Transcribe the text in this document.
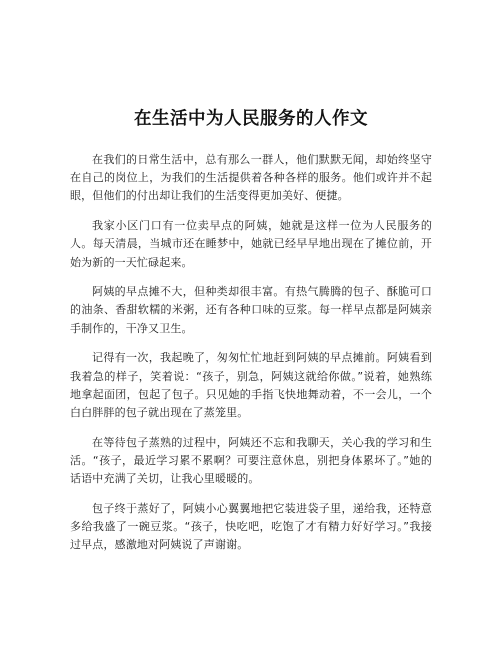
在生活中为人民服务的人作文

在我们的日常生活中，总有那么一群人，他们默默无闻，却始终坚守在自己的岗位上，为我们的生活提供着各种各样的服务。他们或许并不起眼，但他们的付出却让我们的生活变得更加美好、便捷。

我家小区门口有一位卖早点的阿姨，她就是这样一位为人民服务的人。每天清晨，当城市还在睡梦中，她就已经早早地出现在了摊位前，开始为新的一天忙碌起来。

阿姨的早点摊不大，但种类却很丰富。有热气腾腾的包子、酥脆可口的油条、香甜软糯的米粥，还有各种口味的豆浆。每一样早点都是阿姨亲手制作的，干净又卫生。

记得有一次，我起晚了，匆匆忙忙地赶到阿姨的早点摊前。阿姨看到我着急的样子，笑着说：“孩子，别急，阿姨这就给你做。”说着，她熟练地拿起面团，包起了包子。只见她的手指飞快地舞动着，不一会儿，一个白白胖胖的包子就出现在了蒸笼里。

在等待包子蒸熟的过程中，阿姨还不忘和我聊天，关心我的学习和生活。“孩子，最近学习累不累啊？可要注意休息，别把身体累坏了。”她的话语中充满了关切，让我心里暖暖的。

包子终于蒸好了，阿姨小心翼翼地把它装进袋子里，递给我，还特意多给我盛了一碗豆浆。“孩子，快吃吧，吃饱了才有精力好好学习。”我接过早点，感激地对阿姨说了声谢谢。
